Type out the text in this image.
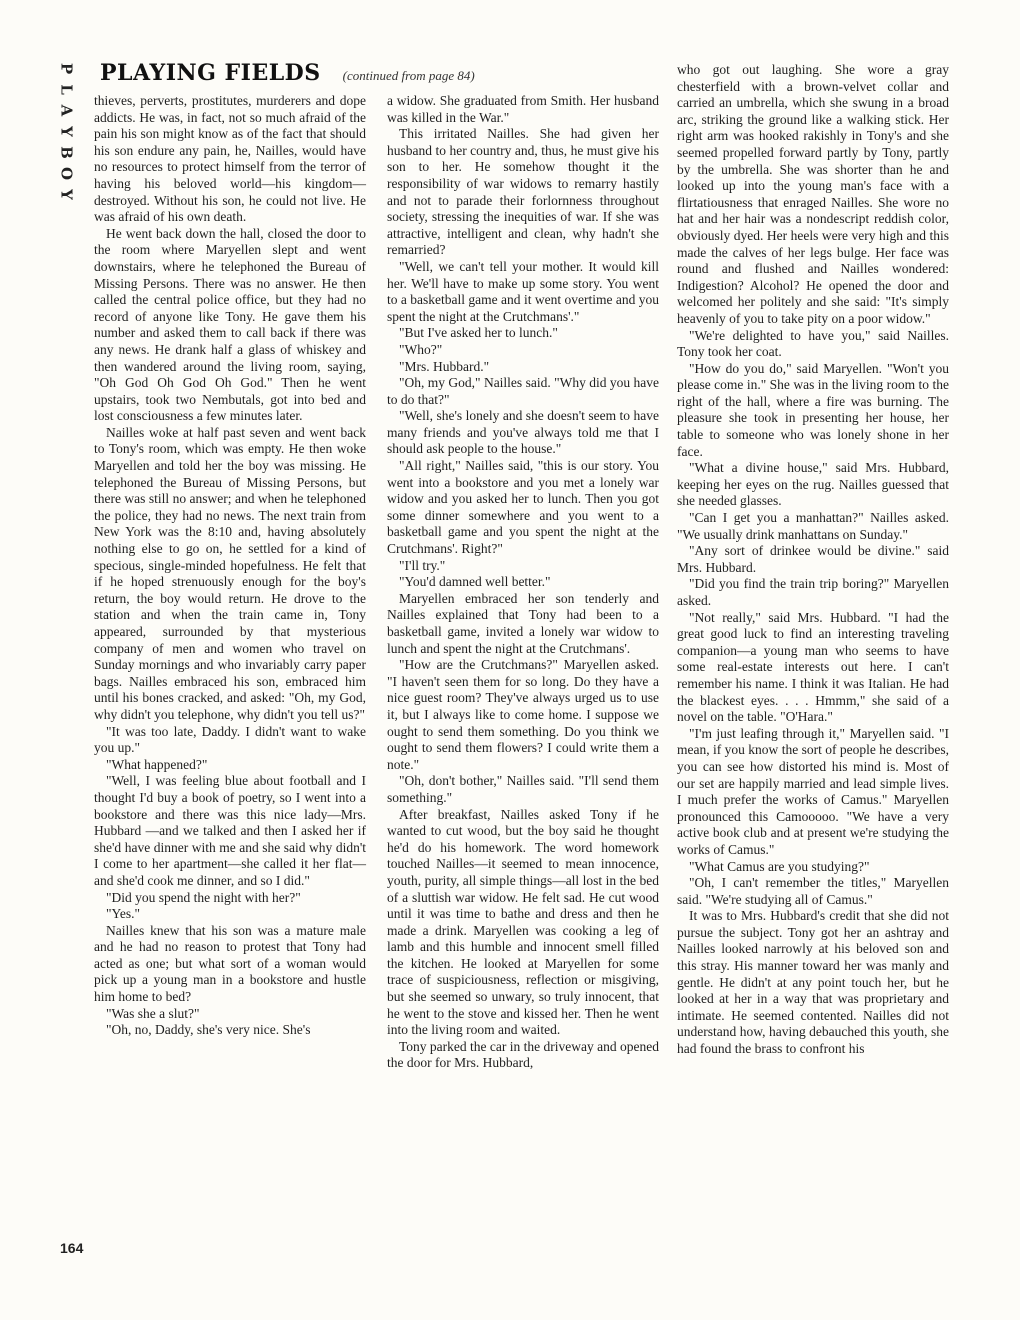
P
L
A
Y
B
O
Y
PLAYING FIELDS (continued from page 84)

thieves, perverts, prostitutes, murderers and dope addicts. He was, in fact, not so much afraid of the pain his son might know as of the fact that should his son endure any pain, he, Nailles, would have no resources to protect himself from the terror of having his beloved world—his kingdom—destroyed. Without his son, he could not live. He was afraid of his own death.

He went back down the hall, closed the door to the room where Maryellen slept and went downstairs, where he telephoned the Bureau of Missing Persons. There was no answer. He then called the central police office, but they had no record of anyone like Tony. He gave them his number and asked them to call back if there was any news. He drank half a glass of whiskey and then wandered around the living room, saying, "Oh God Oh God Oh God." Then he went upstairs, took two Nembutals, got into bed and lost consciousness a few minutes later.

Nailles woke at half past seven and went back to Tony's room, which was empty. He then woke Maryellen and told her the boy was missing. He telephoned the Bureau of Missing Persons, but there was still no answer; and when he telephoned the police, they had no news. The next train from New York was the 8:10 and, having absolutely nothing else to go on, he settled for a kind of specious, single-minded hopefulness. He felt that if he hoped strenuously enough for the boy's return, the boy would return. He drove to the station and when the train came in, Tony appeared, surrounded by that mysterious company of men and women who travel on Sunday mornings and who invariably carry paper bags. Nailles embraced his son, embraced him until his bones cracked, and asked: "Oh, my God, why didn't you telephone, why didn't you tell us?"

"It was too late, Daddy. I didn't want to wake you up."

"What happened?"

"Well, I was feeling blue about football and I thought I'd buy a book of poetry, so I went into a bookstore and there was this nice lady—Mrs. Hubbard —and we talked and then I asked her if she'd have dinner with me and she said why didn't I come to her apartment—she called it her flat—and she'd cook me dinner, and so I did."

"Did you spend the night with her?"

"Yes."

Nailles knew that his son was a mature male and he had no reason to protest that Tony had acted as one; but what sort of a woman would pick up a young man in a bookstore and hustle him home to bed?

"Was she a slut?"

"Oh, no, Daddy, she's very nice. She's

a widow. She graduated from Smith. Her husband was killed in the War."

This irritated Nailles. She had given her husband to her country and, thus, he must give his son to her. He somehow thought it the responsibility of war widows to remarry hastily and not to parade their forlornness throughout society, stressing the inequities of war. If she was attractive, intelligent and clean, why hadn't she remarried?

"Well, we can't tell your mother. It would kill her. We'll have to make up some story. You went to a basketball game and it went overtime and you spent the night at the Crutchmans'."

"But I've asked her to lunch."

"Who?"

"Mrs. Hubbard."

"Oh, my God," Nailles said. "Why did you have to do that?"

"Well, she's lonely and she doesn't seem to have many friends and you've always told me that I should ask people to the house."

"All right," Nailles said, "this is our story. You went into a bookstore and you met a lonely war widow and you asked her to lunch. Then you got some dinner somewhere and you went to a basketball game and you spent the night at the Crutchmans'. Right?"

"I'll try."

"You'd damned well better."

Maryellen embraced her son tenderly and Nailles explained that Tony had been to a basketball game, invited a lonely war widow to lunch and spent the night at the Crutchmans'.

"How are the Crutchmans?" Maryellen asked. "I haven't seen them for so long. Do they have a nice guest room? They've always urged us to use it, but I always like to come home. I suppose we ought to send them something. Do you think we ought to send them flowers? I could write them a note."

"Oh, don't bother," Nailles said. "I'll send them something."

After breakfast, Nailles asked Tony if he wanted to cut wood, but the boy said he thought he'd do his homework. The word homework touched Nailles—it seemed to mean innocence, youth, purity, all simple things—all lost in the bed of a sluttish war widow. He felt sad. He cut wood until it was time to bathe and dress and then he made a drink. Maryellen was cooking a leg of lamb and this humble and innocent smell filled the kitchen. He looked at Maryellen for some trace of suspiciousness, reflection or misgiving, but she seemed so unwary, so truly innocent, that he went to the stove and kissed her. Then he went into the living room and waited.

Tony parked the car in the driveway and opened the door for Mrs. Hubbard,

who got out laughing. She wore a gray chesterfield with a brown-velvet collar and carried an umbrella, which she swung in a broad arc, striking the ground like a walking stick. Her right arm was hooked rakishly in Tony's and she seemed propelled forward partly by Tony, partly by the umbrella. She was shorter than he and looked up into the young man's face with a flirtatiousness that enraged Nailles. She wore no hat and her hair was a nondescript reddish color, obviously dyed. Her heels were very high and this made the calves of her legs bulge. Her face was round and flushed and Nailles wondered: Indigestion? Alcohol? He opened the door and welcomed her politely and she said: "It's simply heavenly of you to take pity on a poor widow."

"We're delighted to have you," said Nailles. Tony took her coat.

"How do you do," said Maryellen. "Won't you please come in." She was in the living room to the right of the hall, where a fire was burning. The pleasure she took in presenting her house, her table to someone who was lonely shone in her face.

"What a divine house," said Mrs. Hubbard, keeping her eyes on the rug. Nailles guessed that she needed glasses.

"Can I get you a manhattan?" Nailles asked. "We usually drink manhattans on Sunday."

"Any sort of drinkee would be divine." said Mrs. Hubbard.

"Did you find the train trip boring?" Maryellen asked.

"Not really," said Mrs. Hubbard. "I had the great good luck to find an interesting traveling companion—a young man who seems to have some real-estate interests out here. I can't remember his name. I think it was Italian. He had the blackest eyes. . . . Hmmm," she said of a novel on the table. "O'Hara."

"I'm just leafing through it," Maryellen said. "I mean, if you know the sort of people he describes, you can see how distorted his mind is. Most of our set are happily married and lead simple lives. I much prefer the works of Camus." Maryellen pronounced this Camooooo. "We have a very active book club and at present we're studying the works of Camus."

"What Camus are you studying?"

"Oh, I can't remember the titles," Maryellen said. "We're studying all of Camus."

It was to Mrs. Hubbard's credit that she did not pursue the subject. Tony got her an ashtray and Nailles looked narrowly at his beloved son and this stray. His manner toward her was manly and gentle. He didn't at any point touch her, but he looked at her in a way that was proprietary and intimate. He seemed contented. Nailles did not understand how, having debauched this youth, she had found the brass to confront his

164
